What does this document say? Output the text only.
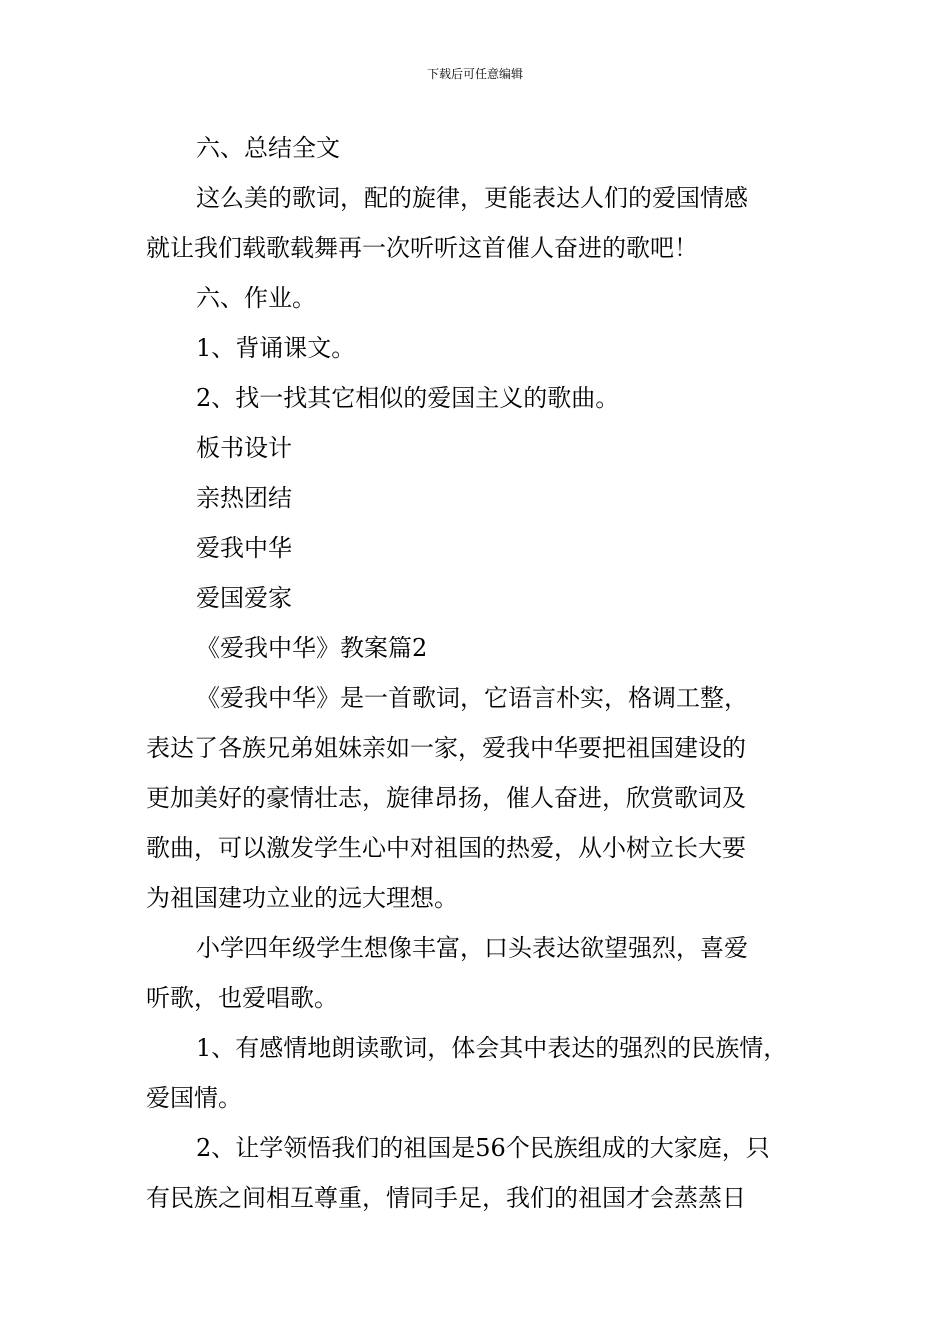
下载后可任意编辑
六、总结全文
这么美的歌词，配的旋律，更能表达人们的爱国情感
就让我们载歌载舞再一次听听这首催人奋进的歌吧！
六、作业。
1、背诵课文。
2、找一找其它相似的爱国主义的歌曲。
板书设计
亲热团结
爱我中华
爱国爱家
《爱我中华》教案篇2
《爱我中华》是一首歌词，它语言朴实，格调工整，
表达了各族兄弟姐妹亲如一家，爱我中华要把祖国建设的
更加美好的豪情壮志，旋律昂扬，催人奋进，欣赏歌词及
歌曲，可以激发学生心中对祖国的热爱，从小树立长大要
为祖国建功立业的远大理想。
小学四年级学生想像丰富，口头表达欲望强烈，喜爱
听歌，也爱唱歌。
1、有感情地朗读歌词，体会其中表达的强烈的民族情，
爱国情。
2、让学领悟我们的祖国是56个民族组成的大家庭，只
有民族之间相互尊重，情同手足，我们的祖国才会蒸蒸日
